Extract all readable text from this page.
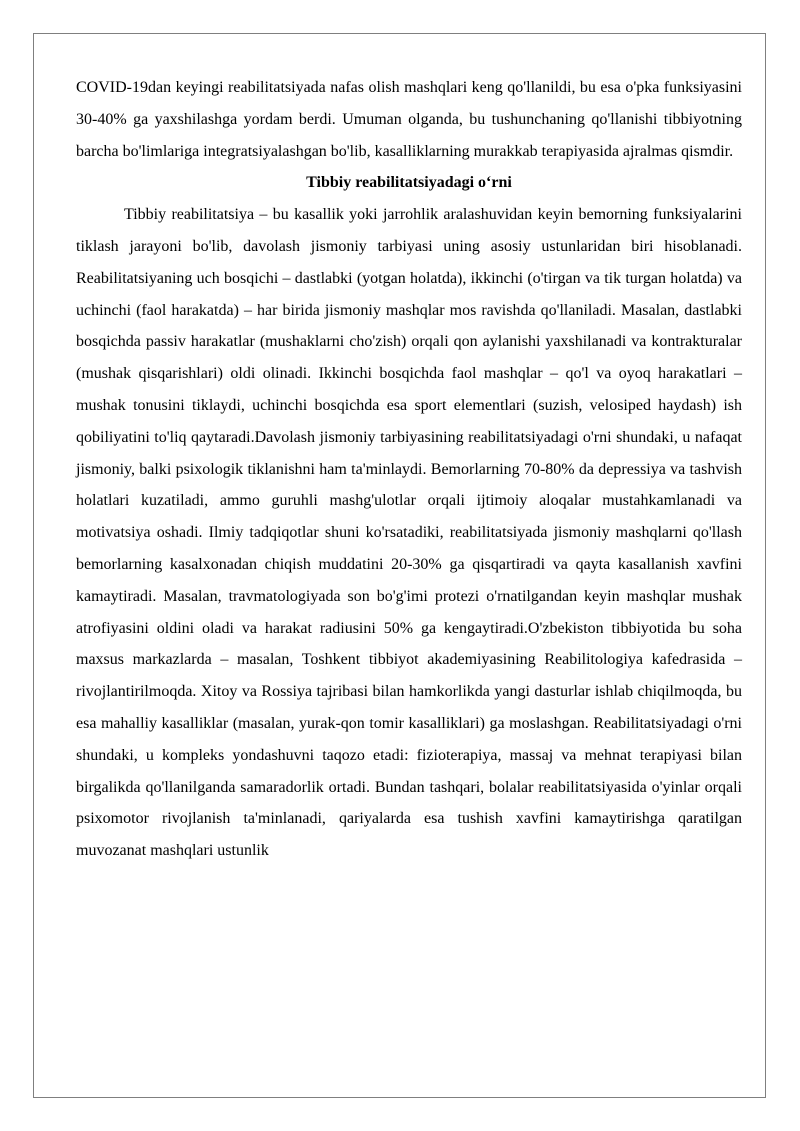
COVID-19dan keyingi reabilitatsiyada nafas olish mashqlari keng qo'llanildi, bu esa o'pka funksiyasini 30-40% ga yaxshilashga yordam berdi. Umuman olganda, bu tushunchaning qo'llanishi tibbiyotning barcha bo'limlariga integratsiyalashgan bo'lib, kasalliklarning murakkab terapiyasida ajralmas qismdir.

Tibbiy reabilitatsiyadagi o‘rni

Tibbiy reabilitatsiya – bu kasallik yoki jarrohlik aralashuvidan keyin bemorning funksiyalarini tiklash jarayoni bo'lib, davolash jismoniy tarbiyasi uning asosiy ustunlaridan biri hisoblanadi. Reabilitatsiyaning uch bosqichi – dastlabki (yotgan holatda), ikkinchi (o'tirgan va tik turgan holatda) va uchinchi (faol harakatda) – har birida jismoniy mashqlar mos ravishda qo'llaniladi. Masalan, dastlabki bosqichda passiv harakatlar (mushaklarni cho'zish) orqali qon aylanishi yaxshilanadi va kontrakturalar (mushak qisqarishlari) oldi olinadi. Ikkinchi bosqichda faol mashqlar – qo'l va oyoq harakatlari – mushak tonusini tiklaydi, uchinchi bosqichda esa sport elementlari (suzish, velosiped haydash) ish qobiliyatini to'liq qaytaradi.Davolash jismoniy tarbiyasining reabilitatsiyadagi o'rni shundaki, u nafaqat jismoniy, balki psixologik tiklanishni ham ta'minlaydi. Bemorlarning 70-80% da depressiya va tashvish holatlari kuzatiladi, ammo guruhli mashg'ulotlar orqali ijtimoiy aloqalar mustahkamlanadi va motivatsiya oshadi. Ilmiy tadqiqotlar shuni ko'rsatadiki, reabilitatsiyada jismoniy mashqlarni qo'llash bemorlarning kasalxonadan chiqish muddatini 20-30% ga qisqartiradi va qayta kasallanish xavfini kamaytiradi. Masalan, travmatologiyada son bo'g'imi protezi o'rnatilgandan keyin mashqlar mushak atrofiyasini oldini oladi va harakat radiusini 50% ga kengaytiradi.O'zbekiston tibbiyotida bu soha maxsus markazlarda – masalan, Toshkent tibbiyot akademiyasining Reabilitologiya kafedrasida – rivojlantirilmoqda. Xitoy va Rossiya tajribasi bilan hamkorlikda yangi dasturlar ishlab chiqilmoqda, bu esa mahalliy kasalliklar (masalan, yurak-qon tomir kasalliklari) ga moslashgan. Reabilitatsiyadagi o'rni shundaki, u kompleks yondashuvni taqozo etadi: fizioterapiya, massaj va mehnat terapiyasi bilan birgalikda qo'llanilganda samaradorlik ortadi. Bundan tashqari, bolalar reabilitatsiyasida o'yinlar orqali psixomotor rivojlanish ta'minlanadi, qariyalarda esa tushish xavfini kamaytirishga qaratilgan muvozanat mashqlari ustunlik
